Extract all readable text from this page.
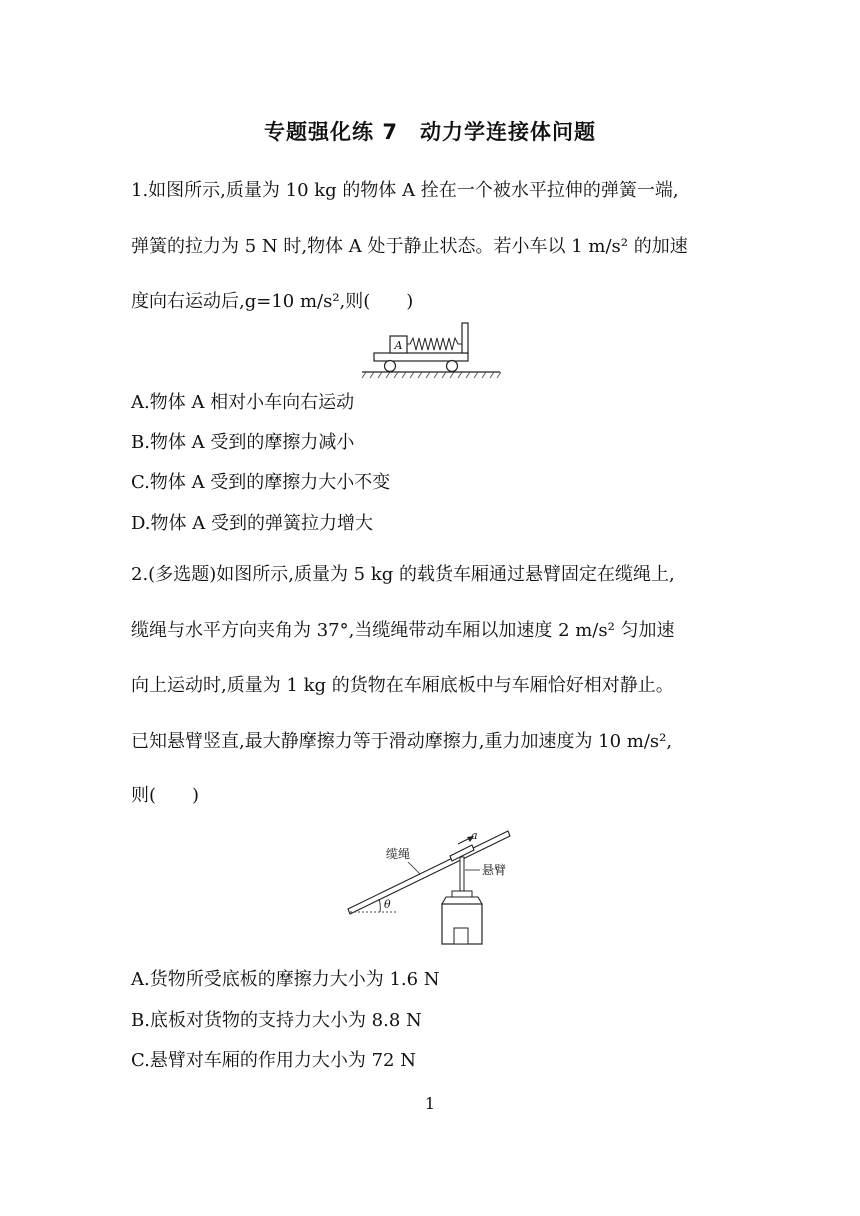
专题强化练 7　动力学连接体问题
1.如图所示,质量为 10 kg 的物体 A 拴在一个被水平拉伸的弹簧一端,
弹簧的拉力为 5 N 时,物体 A 处于静止状态。若小车以 1 m/s² 的加速
度向右运动后,g=10 m/s²,则(　　)
A
A.物体 A 相对小车向右运动
B.物体 A 受到的摩擦力减小
C.物体 A 受到的摩擦力大小不变
D.物体 A 受到的弹簧拉力增大
2.(多选题)如图所示,质量为 5 kg 的载货车厢通过悬臂固定在缆绳上,
缆绳与水平方向夹角为 37°,当缆绳带动车厢以加速度 2 m/s² 匀加速
向上运动时,质量为 1 kg 的货物在车厢底板中与车厢恰好相对静止。
已知悬臂竖直,最大静摩擦力等于滑动摩擦力,重力加速度为 10 m/s²,
则(　　)
θ
缆绳
a
悬臂
A.货物所受底板的摩擦力大小为 1.6 N
B.底板对货物的支持力大小为 8.8 N
C.悬臂对车厢的作用力大小为 72 N
1
